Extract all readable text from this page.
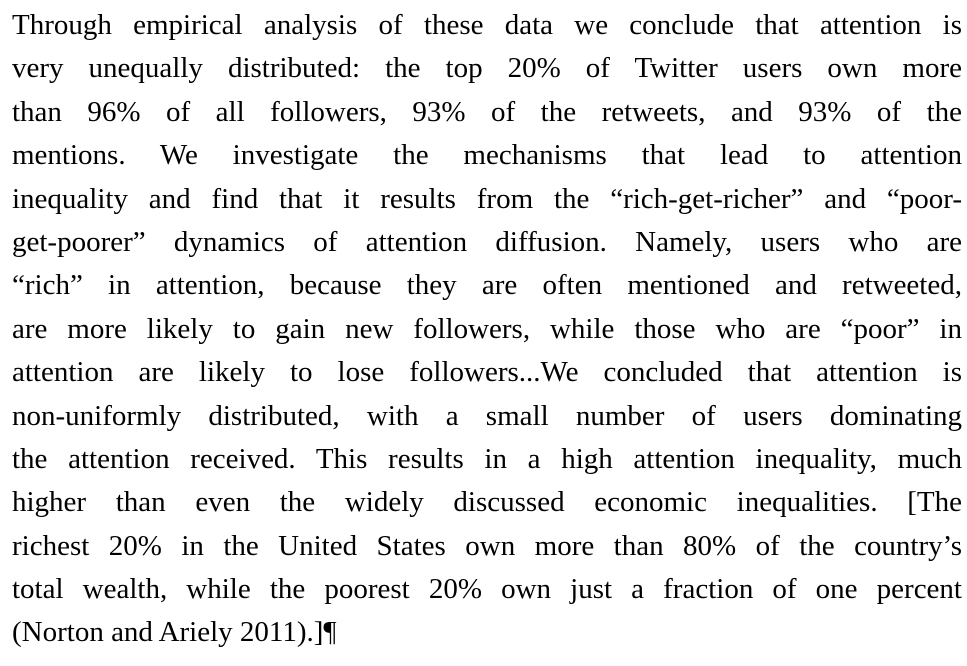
Through empirical analysis of these data we conclude that attention is
very unequally distributed: the top 20% of Twitter users own more
than 96% of all followers, 93% of the retweets, and 93% of the
mentions. We investigate the mechanisms that lead to attention
inequality and find that it results from the “rich-get-richer” and “poor-
get-poorer” dynamics of attention diffusion. Namely, users who are
“rich” in attention, because they are often mentioned and retweeted,
are more likely to gain new followers, while those who are “poor” in
attention are likely to lose followers...We concluded that attention is
non-uniformly distributed, with a small number of users dominating
the attention received. This results in a high attention inequality, much
higher than even the widely discussed economic inequalities. [The
richest 20% in the United States own more than 80% of the country’s
total wealth, while the poorest 20% own just a fraction of one percent
(Norton and Ariely 2011).]¶
